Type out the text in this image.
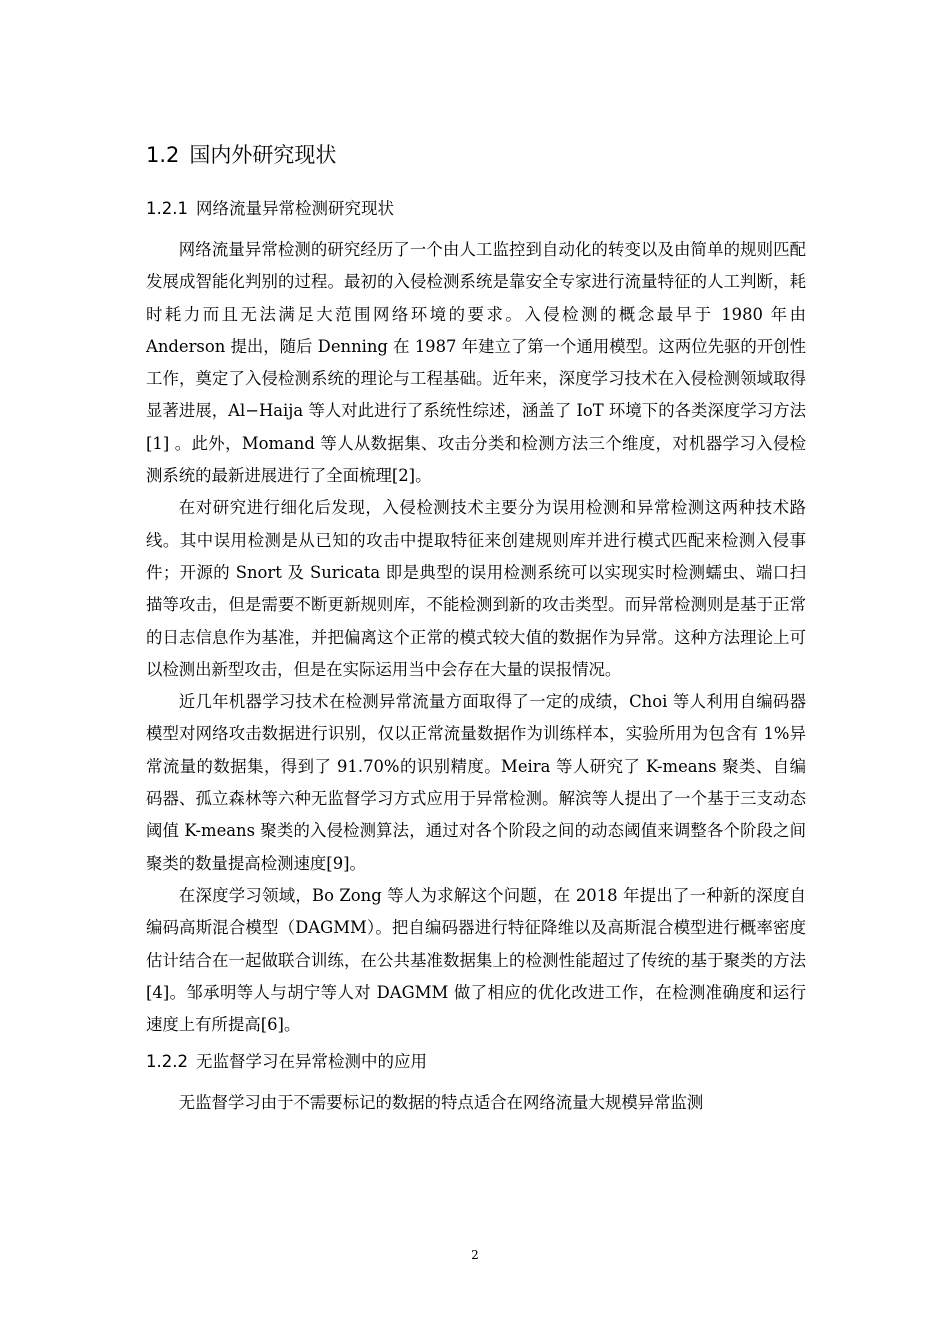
1.2 国内外研究现状
1.2.1 网络流量异常检测研究现状

网络流量异常检测的研究经历了一个由人工监控到自动化的转变以及由简单的规则匹配发展成智能化判别的过程。最初的入侵检测系统是靠安全专家进行流量特征的人工判断，耗时耗力而且无法满足大范围网络环境的要求。入侵检测的概念最早于 1980 年由 Anderson 提出，随后 Denning 在 1987 年建立了第一个通用模型。这两位先驱的开创性工作，奠定了入侵检测系统的理论与工程基础。近年来，深度学习技术在入侵检测领域取得显著进展，Al−Haija 等人对此进行了系统性综述，涵盖了 IoT 环境下的各类深度学习方法[1] 。此外，Momand 等人从数据集、攻击分类和检测方法三个维度，对机器学习入侵检测系统的最新进展进行了全面梳理[2]。

在对研究进行细化后发现，入侵检测技术主要分为误用检测和异常检测这两种技术路线。其中误用检测是从已知的攻击中提取特征来创建规则库并进行模式匹配来检测入侵事件；开源的 Snort 及 Suricata 即是典型的误用检测系统可以实现实时检测蠕虫、端口扫描等攻击，但是需要不断更新规则库，不能检测到新的攻击类型。而异常检测则是基于正常的日志信息作为基准，并把偏离这个正常的模式较大值的数据作为异常。这种方法理论上可以检测出新型攻击，但是在实际运用当中会存在大量的误报情况。

近几年机器学习技术在检测异常流量方面取得了一定的成绩，Choi 等人利用自编码器模型对网络攻击数据进行识别，仅以正常流量数据作为训练样本，实验所用为包含有 1%异常流量的数据集，得到了 91.70%的识别精度。Meira 等人研究了 K-means 聚类、自编码器、孤立森林等六种无监督学习方式应用于异常检测。解滨等人提出了一个基于三支动态阈值 K-means 聚类的入侵检测算法，通过对各个阶段之间的动态阈值来调整各个阶段之间聚类的数量提高检测速度[9]。

在深度学习领域，Bo Zong 等人为求解这个问题，在 2018 年提出了一种新的深度自编码高斯混合模型（DAGMM）。把自编码器进行特征降维以及高斯混合模型进行概率密度估计结合在一起做联合训练，在公共基准数据集上的检测性能超过了传统的基于聚类的方法[4]。邹承明等人与胡宁等人对 DAGMM 做了相应的优化改进工作，在检测准确度和运行速度上有所提高[6]。

1.2.2 无监督学习在异常检测中的应用

无监督学习由于不需要标记的数据的特点适合在网络流量大规模异常监测

2
